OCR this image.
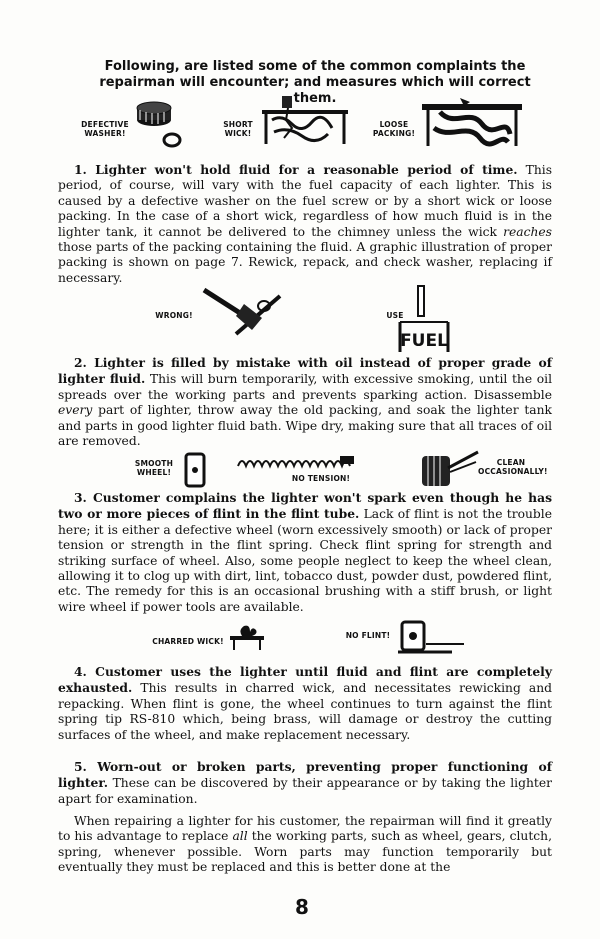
Following, are listed some of the common complaints the repairman will encounter; and measures which will correct them.
DEFECTIVE WASHER!
SHORT WICK!
LOOSE PACKING!

1. Lighter won't hold fluid for a reasonable period of time. This period, of course, will vary with the fuel capacity of each lighter. This is caused by a defective washer on the fuel screw or by a short wick or loose packing. In the case of a short wick, regardless of how much fluid is in the lighter tank, it cannot be delivered to the chimney unless the wick reaches those parts of the packing containing the fluid. A graphic illustration of proper packing is shown on page 7. Rewick, repack, and check washer, replacing if necessary.

WRONG!	USE
FUEL

2. Lighter is filled by mistake with oil instead of proper grade of lighter fluid. This will burn temporarily, with excessive smoking, until the oil spreads over the working parts and prevents sparking action. Disassemble every part of lighter, throw away the old packing, and soak the lighter tank and parts in good lighter fluid bath. Wipe dry, making sure that all traces of oil are removed.

SMOOTH WHEEL!
NO TENSION!
CLEAN OCCASIONALLY!

3. Customer complains the lighter won't spark even though he has two or more pieces of flint in the flint tube. Lack of flint is not the trouble here; it is either a defective wheel (worn excessively smooth) or lack of proper tension or strength in the flint spring. Check flint spring for strength and striking surface of wheel. Also, some people neglect to keep the wheel clean, allowing it to clog up with dirt, lint, tobacco dust, powder dust, powdered flint, etc. The remedy for this is an occasional brushing with a stiff brush, or light wire wheel if power tools are available.

CHARRED WICK!
NO FLINT!

4. Customer uses the lighter until fluid and flint are completely exhausted. This results in charred wick, and necessitates rewicking and repacking. When flint is gone, the wheel continues to turn against the flint spring tip RS-810 which, being brass, will damage or destroy the cutting surfaces of the wheel, and make replacement necessary.

5. Worn-out or broken parts, preventing proper functioning of lighter. These can be discovered by their appearance or by taking the lighter apart for examination.

When repairing a lighter for his customer, the repairman will find it greatly to his advantage to replace all the working parts, such as wheel, gears, clutch, spring, whenever possible. Worn parts may function temporarily but eventually they must be replaced and this is better done at the

8
